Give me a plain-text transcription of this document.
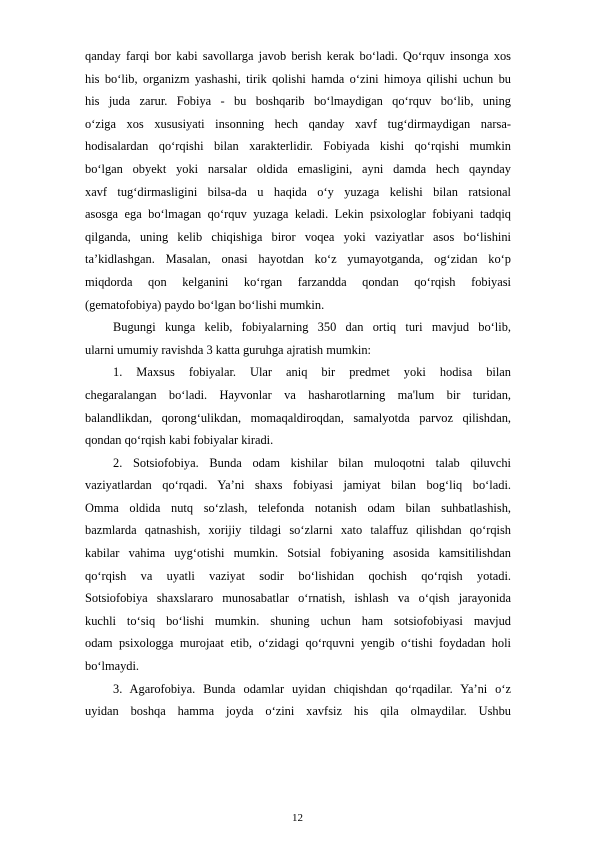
qanday farqi bor kabi savollarga javob berish kerak bo‘ladi. Qo‘rquv insonga xos
his bo‘lib, organizm yashashi, tirik qolishi hamda o‘zini himoya qilishi uchun bu
his juda zarur. Fobiya - bu boshqarib bo‘lmaydigan qo‘rquv bo‘lib, uning
o‘ziga xos xususiyati insonning hech qanday xavf tug‘dirmaydigan narsa-
hodisalardan qo‘rqishi bilan xarakterlidir. Fobiyada kishi qo‘rqishi mumkin
bo‘lgan obyekt yoki narsalar oldida emasligini, ayni damda hech qaynday
xavf tug‘dirmasligini bilsa-da u haqida o‘y yuzaga kelishi bilan ratsional
asosga ega bo‘lmagan qo‘rquv yuzaga keladi. Lekin psixologlar fobiyani tadqiq
qilganda, uning kelib chiqishiga biror voqea yoki vaziyatlar asos bo‘lishini
ta’kidlashgan. Masalan, onasi hayotdan ko‘z yumayotganda, og‘zidan ko‘p
miqdorda qon kelganini ko‘rgan farzandda qondan qo‘rqish fobiyasi
(gematofobiya) paydo bo‘lgan bo‘lishi mumkin.

Bugungi kunga kelib, fobiyalarning 350 dan ortiq turi mavjud bo‘lib,
ularni umumiy ravishda 3 katta guruhga ajratish mumkin:

1. Maxsus fobiyalar. Ular aniq bir predmet yoki hodisa bilan
chegaralangan bo‘ladi. Hayvonlar va hasharotlarning ma'lum bir turidan,
balandlikdan, qorong‘ulikdan, momaqaldiroqdan, samalyotda parvoz qilishdan,
qondan qo‘rqish kabi fobiyalar kiradi.

2. Sotsiofobiya. Bunda odam kishilar bilan muloqotni talab qiluvchi
vaziyatlardan qo‘rqadi. Ya’ni shaxs fobiyasi jamiyat bilan bog‘liq bo‘ladi.
Omma oldida nutq so‘zlash, telefonda notanish odam bilan suhbatlashish,
bazmlarda qatnashish, xorijiy tildagi so‘zlarni xato talaffuz qilishdan qo‘rqish
kabilar vahima uyg‘otishi mumkin. Sotsial fobiyaning asosida kamsitilishdan
qo‘rqish va uyatli vaziyat sodir bo‘lishidan qochish qo‘rqish yotadi.
Sotsiofobiya shaxslararo munosabatlar o‘rnatish, ishlash va o‘qish jarayonida
kuchli to‘siq bo‘lishi mumkin. shuning uchun ham sotsiofobiyasi mavjud
odam psixologga murojaat etib, o‘zidagi qo‘rquvni yengib o‘tishi foydadan holi
bo‘lmaydi.

3. Agarofobiya. Bunda odamlar uyidan chiqishdan qo‘rqadilar. Ya’ni o‘z
uyidan boshqa hamma joyda o‘zini xavfsiz his qila olmaydilar. Ushbu

12
